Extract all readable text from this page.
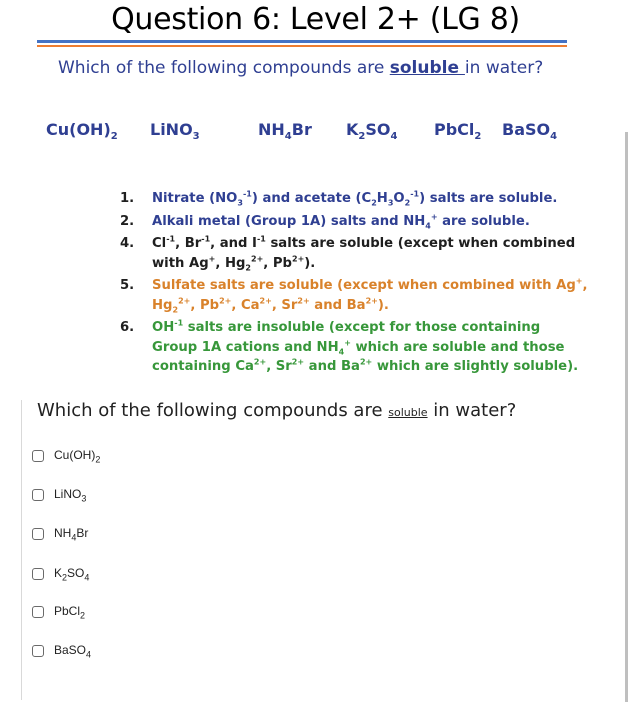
Question 6: Level 2+ (LG 8)
Which of the following compounds are soluble in water?
$Cu(OH)_2$ LiNO$_3$	$NH_4Br$ $K_2SO_4$ PbCl$_2$ BaSO$_4$
1.	Nitrate $(NO_3^{-1})$ and acetate $(C_2H_3O_2^{-1})$ salts are soluble.
2.	Alkali metal (Group 1A) salts and $NH_4^+$ are soluble.
4.	$Cl^{-1}$, $Br^{-1}$, and $I^{-1}$ salts are soluble (except when combined with Ag+, $Hg_2^{2+}$, $Pb^{2+}$).
5.	Sulfate salts are soluble (except when combined with Ag+, $Hg_2^{2+}$, $Pb^{2+}$, $Ca^{2+}$, $Sr^{2+}$ and $Ba^{2+}$).
6.	$OH^{-1}$ salts are insoluble (except for those containing Group 1A cations and $NH_4^+$ which are soluble and those containing $Ca^{2+}$, $Sr^{2+}$ and $Ba^{2+}$ which are slightly soluble).
Which of the following compounds are soluble in water?
$Cu(OH)_2$
LiNO$_3$
$NH_4Br$
$K_2SO_4$
PbCl$_2$
BaSO$_4$
